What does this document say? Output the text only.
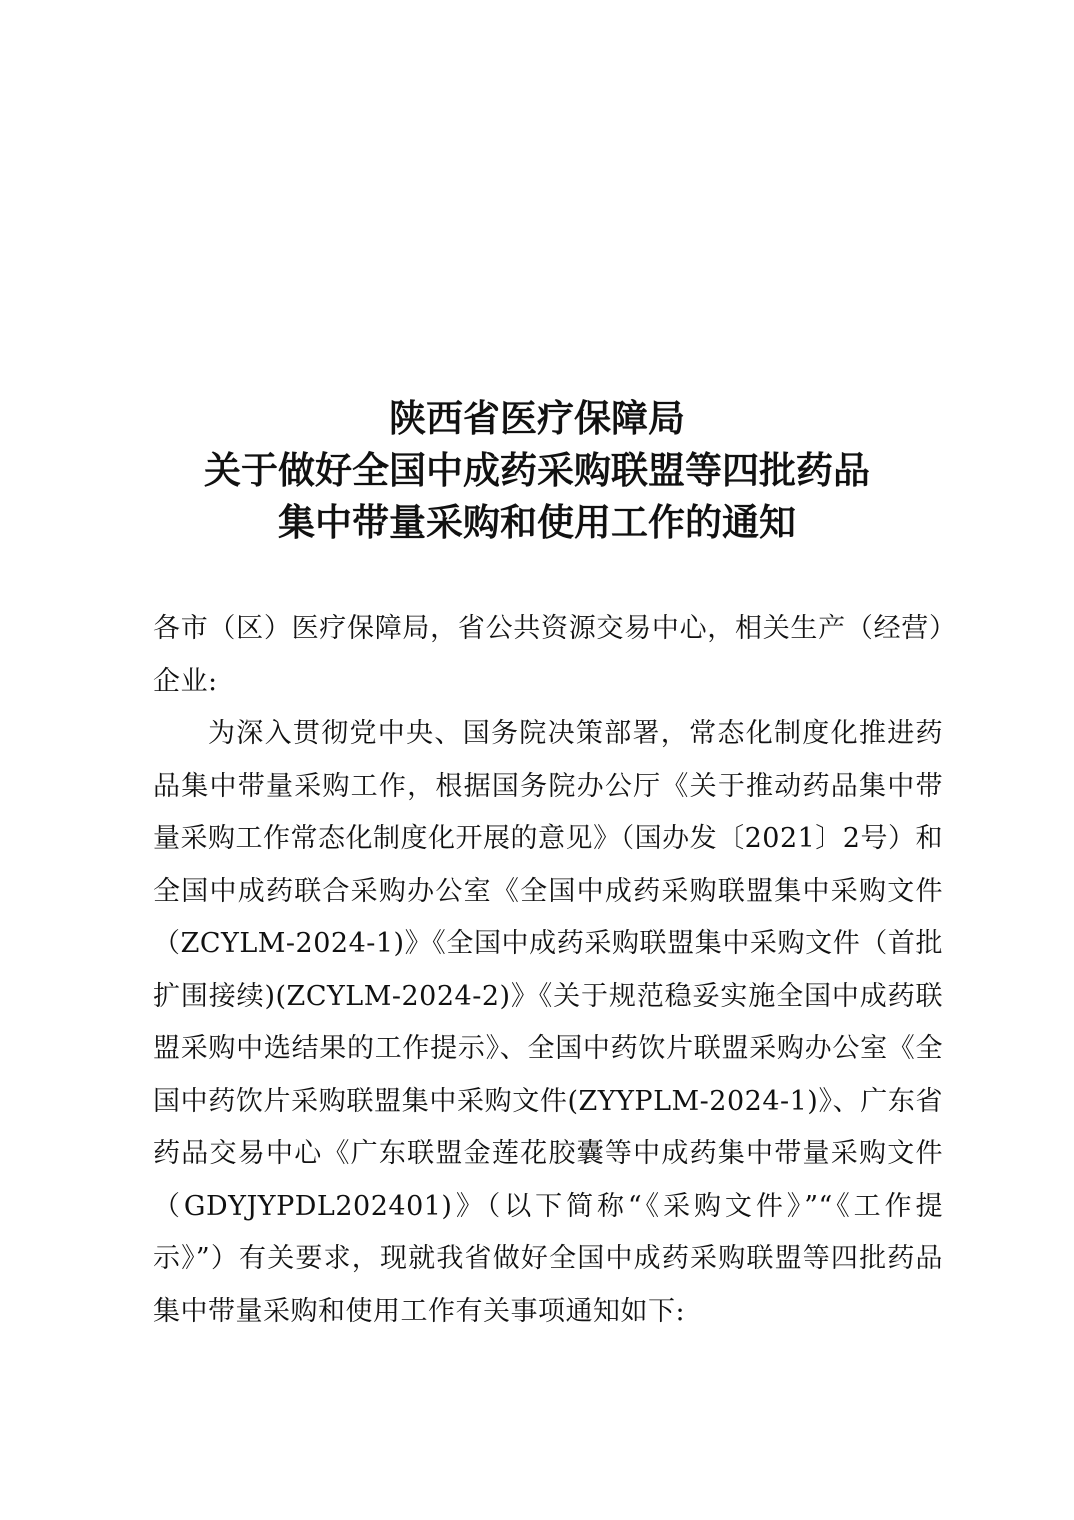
陕西省医疗保障局
关于做好全国中成药采购联盟等四批药品
集中带量采购和使用工作的通知

各市（区）医疗保障局，省公共资源交易中心，相关生产（经营）企业:

为深入贯彻党中央、国务院决策部署，常态化制度化推进药品集中带量采购工作，根据国务院办公厅《关于推动药品集中带量采购工作常态化制度化开展的意见》（国办发〔2021〕2号）和全国中成药联合采购办公室《全国中成药采购联盟集中采购文件（ZCYLM-2024-1)》《全国中成药采购联盟集中采购文件（首批扩围接续)(ZCYLM-2024-2)》《关于规范稳妥实施全国中成药联盟采购中选结果的工作提示》、全国中药饮片联盟采购办公室《全国中药饮片采购联盟集中采购文件(ZYYPLM-2024-1)》、广东省药品交易中心《广东联盟金莲花胶囊等中成药集中带量采购文件（GDYJYPDL202401)》（以下简称“《采购文件》”“《工作提示》”）有关要求，现就我省做好全国中成药采购联盟等四批药品集中带量采购和使用工作有关事项通知如下:
